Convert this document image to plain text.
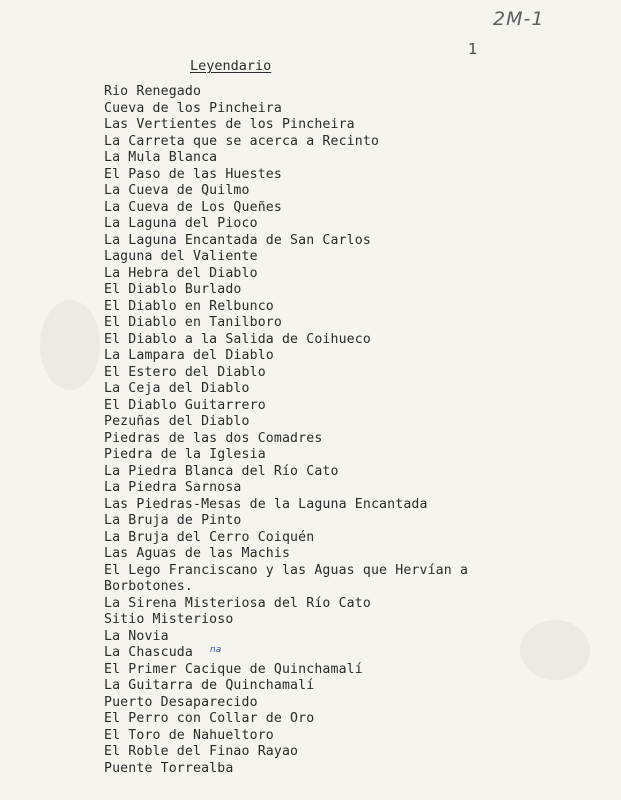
2M-1
1
Leyendario
Rio Renegado
Cueva de los Pincheira
Las Vertientes de los Pincheira
La Carreta que se acerca a Recinto
La Mula Blanca
El Paso de las Huestes
La Cueva de Quilmo
La Cueva de Los Queñes
La Laguna del Pioco
La Laguna Encantada de San Carlos
Laguna del Valiente
La Hebra del Diablo
El Diablo Burlado
El Diablo en Relbunco
El Diablo en Tanilboro
El Diablo a la Salida de Coihueco
La Lampara del Diablo
El Estero del Diablo
La Ceja del Diablo
El Diablo Guitarrero
Pezuñas del Diablo
Piedras de las dos Comadres
Piedra de la Iglesia
La Piedra Blanca del Río Cato
La Piedra Sarnosa
Las Piedras-Mesas de la Laguna Encantada
La Bruja de Pinto
La Bruja del Cerro Coiquén
Las Aguas de las Machis
El Lego Franciscano y las Aguas que Hervían a
Borbotones.
La Sirena Misteriosa del Río Cato
Sitio Misterioso
La Novia
La Chascuda
El Primer Cacique de Quinchamalí
La Guitarra de Quinchamalí
Puerto Desaparecido
El Perro con Collar de Oro
El Toro de Nahueltoro
El Roble del Finao Rayao
Puente Torrealba
na
